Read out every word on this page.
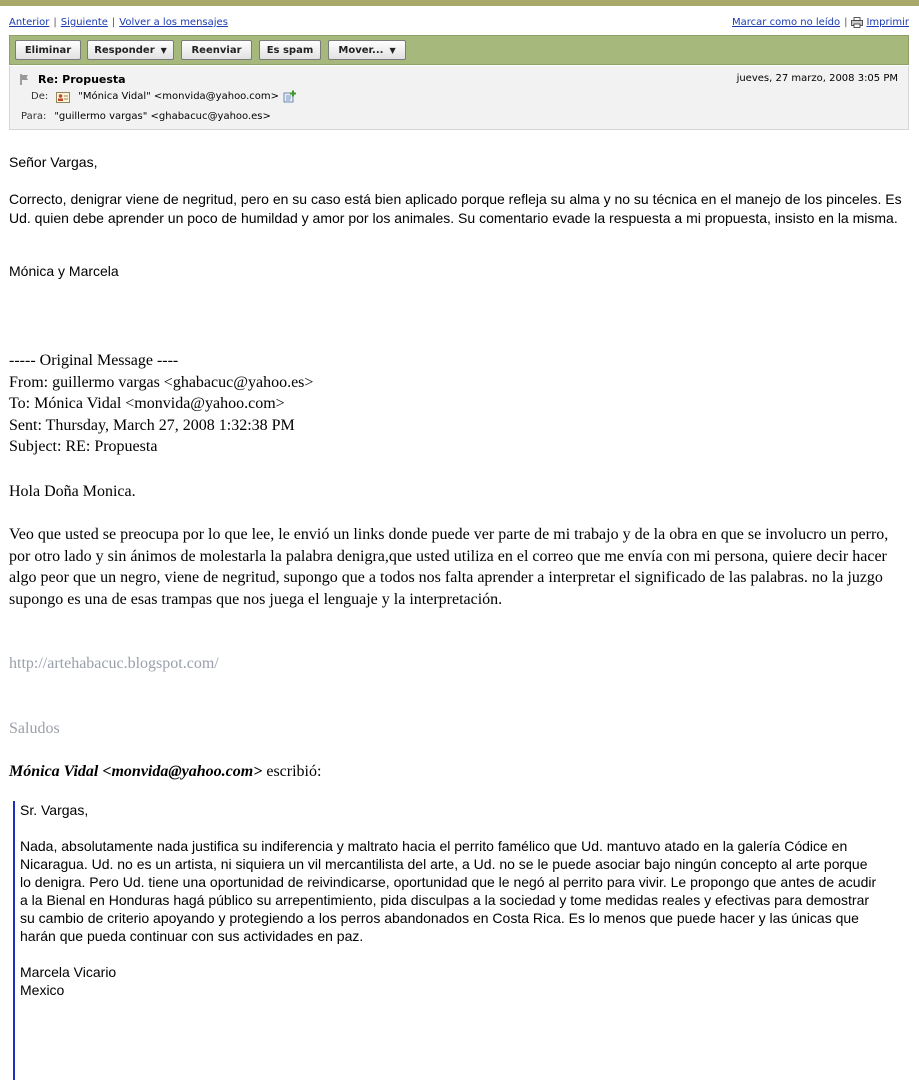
Anterior | Siguiente | Volver a los mensajes	Marcar como no leído | Imprimir
Eliminar Responder ▼ Reenviar	Es spam	Mover... ▼
Re: Propuesta	jueves, 27 marzo, 2008 3:05 PM
De:	"Mónica Vidal" <monvida@yahoo.com>
Para: "guillermo vargas" <ghabacuc@yahoo.es>
Señor Vargas,
Correcto, denigrar viene de negritud, pero en su caso está bien aplicado porque refleja su alma y no su técnica en el manejo de los pinceles. Es Ud. quien debe aprender un poco de humildad y amor por los animales. Su comentario evade la respuesta a mi propuesta, insisto en la misma.
Mónica y Marcela
----- Original Message ----
From: guillermo vargas <ghabacuc@yahoo.es>
To: Mónica Vidal <monvida@yahoo.com>
Sent: Thursday, March 27, 2008 1:32:38 PM
Subject: RE: Propuesta
Hola Doña Monica.
Veo que usted se preocupa por lo que lee, le envió un links donde puede ver parte de mi trabajo y de la obra en que se involucro un perro, por otro lado y sin ánimos de molestarla la palabra denigra,que usted utiliza en el correo que me envía con mi persona, quiere decir hacer algo peor que un negro, viene de negritud, supongo que a todos nos falta aprender a interpretar el significado de las palabras. no la juzgo supongo es una de esas trampas que nos juega el lenguaje y la interpretación.
http://artehabacuc.blogspot.com/
Saludos
Mónica Vidal <monvida@yahoo.com> escribió:
Sr. Vargas,
Nada, absolutamente nada justifica su indiferencia y maltrato hacia el perrito famélico que Ud. mantuvo atado en la galería Códice en Nicaragua. Ud. no es un artista, ni siquiera un vil mercantilista del arte, a Ud. no se le puede asociar bajo ningún concepto al arte porque lo denigra. Pero Ud. tiene una oportunidad de reivindicarse, oportunidad que le negó al perrito para vivir. Le propongo que antes de acudir a la Bienal en Honduras hagá público su arrepentimiento, pida disculpas a la sociedad y tome medidas reales y efectivas para demostrar su cambio de criterio apoyando y protegiendo a los perros abandonados en Costa Rica. Es lo menos que puede hacer y las únicas que harán que pueda continuar con sus actividades en paz.
Marcela Vicario
Mexico
